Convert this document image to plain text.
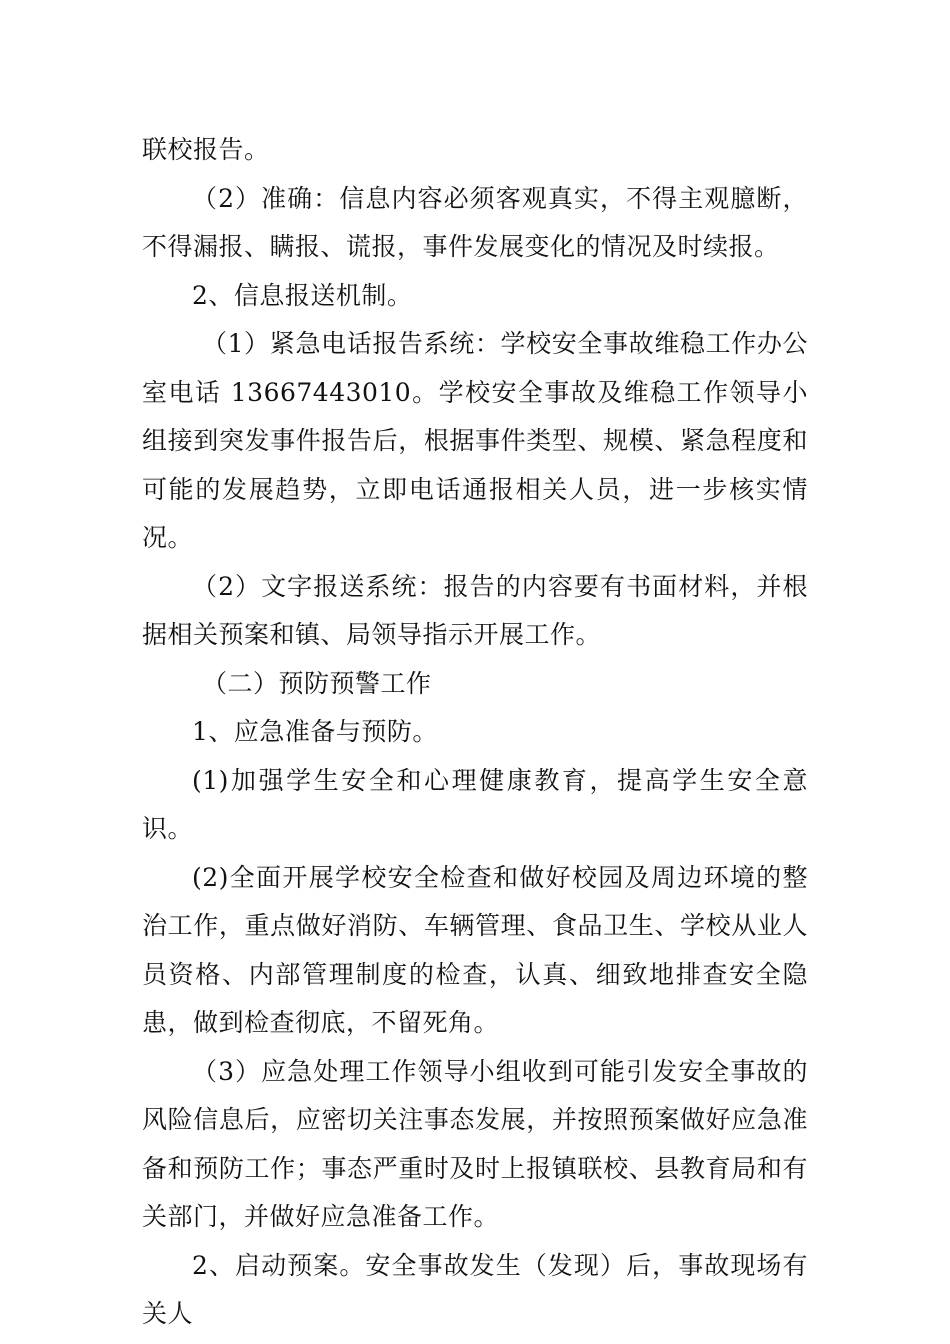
联校报告。

（2）准确：信息内容必须客观真实，不得主观臆断，不得漏报、瞒报、谎报，事件发展变化的情况及时续报。

2、信息报送机制。

（1）紧急电话报告系统：学校安全事故维稳工作办公室电话 13667443010。学校安全事故及维稳工作领导小组接到突发事件报告后，根据事件类型、规模、紧急程度和可能的发展趋势，立即电话通报相关人员，进一步核实情况。

（2）文字报送系统：报告的内容要有书面材料，并根据相关预案和镇、局领导指示开展工作。

（二）预防预警工作

1、应急准备与预防。

(1)加强学生安全和心理健康教育，提高学生安全意识。

(2)全面开展学校安全检查和做好校园及周边环境的整治工作，重点做好消防、车辆管理、食品卫生、学校从业人员资格、内部管理制度的检查，认真、细致地排查安全隐患，做到检查彻底，不留死角。

（3）应急处理工作领导小组收到可能引发安全事故的风险信息后，应密切关注事态发展，并按照预案做好应急准备和预防工作；事态严重时及时上报镇联校、县教育局和有关部门，并做好应急准备工作。

2、启动预案。安全事故发生（发现）后，事故现场有关人
